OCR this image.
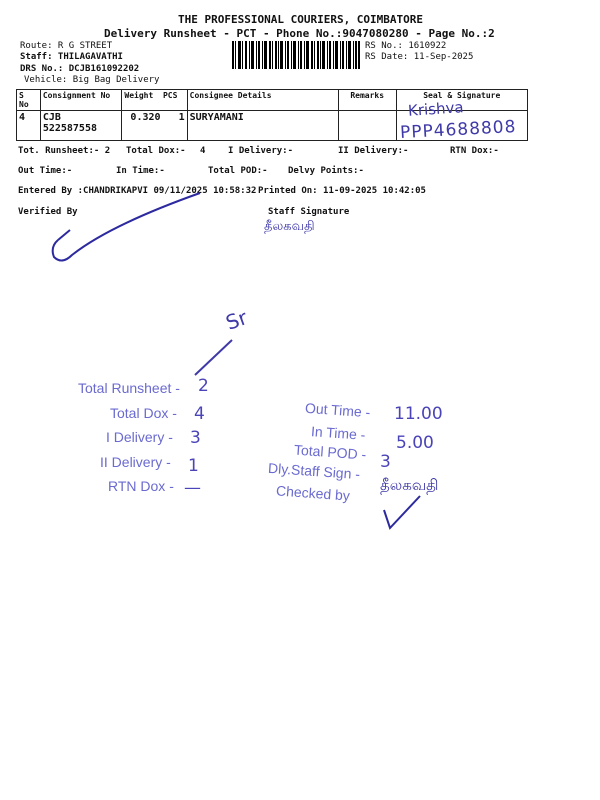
THE PROFESSIONAL COURIERS, COIMBATORE
Delivery Runsheet - PCT - Phone No.:9047080280 - Page No.:2
Route: R G STREET
Staff: THILAGAVATHI
DRS No.: DCJB161092202
Vehicle: Big Bag Delivery
RS No.: 1610922
RS Date: 11-Sep-2025
S No	Consignment No	Weight PCS	Consignee Details	Remarks	Seal & Signature
4	CJB 522587558	0.320 1	SURYAMANI			Krishva
PPP4688808
Tot. Runsheet:- 2 Total Dox:- 4	I Delivery:-	II Delivery:-	RTN Dox:-
Out Time:-	In Time:-	Total POD:- Delvy Points:-
Entered By :CHANDRIKAPVI 09/11/2025 10:58:32 Printed On: 11-09-2025 10:42:05
Verified By	Staff Signature
தீலகவதி
Sr
Total Runsheet - 2
Total Dox - 4
I Delivery - 3
II Delivery - 1
RTN Dox - —
Out Time - 11.00
In Time - 5.00
Total POD - 3
Dly.Staff Sign -
தீலகவதி
Checked by
